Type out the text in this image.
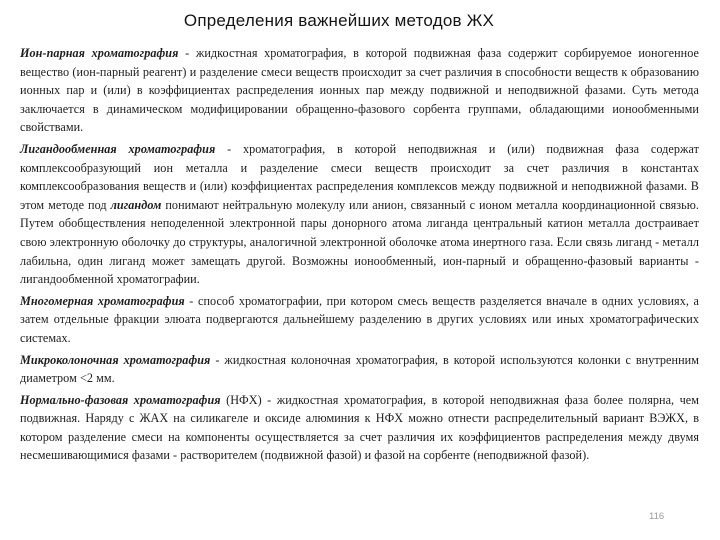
Определения важнейших методов ЖХ

Ион-парная хроматография - жидкостная хроматография, в которой подвижная фаза содержит сорбируемое ионогенное вещество (ион-парный реагент) и разделение смеси веществ происходит за счет различия в способности веществ к образованию ионных пар и (или) в коэффициентах распределения ионных пар между подвижной и неподвижной фазами. Суть метода заключается в динамическом модифицировании обращенно-фазового сорбента группами, обладающими ионообменными свойствами.

Лигандообменная хроматография - хроматография, в которой неподвижная и (или) подвижная фаза содержат комплексообразующий ион металла и разделение смеси веществ происходит за счет различия в константах комплексообразования веществ и (или) коэффициентах распределения комплексов между подвижной и неподвижной фазами. В этом методе под лигандом понимают нейтральную молекулу или анион, связанный с ионом металла координационной связью. Путем обобществления неподеленной электронной пары донорного атома лиганда центральный катион металла достраивает свою электронную оболочку до структуры, аналогичной электронной оболочке атома инертного газа. Если связь лиганд - металл лабильна, один лиганд может замещать другой. Возможны ионообменный, ион-парный и обращенно-фазовый варианты - лигандообменной хроматографии.

Многомерная хроматография - способ хроматографии, при котором смесь веществ разделяется вначале в одних условиях, а затем отдельные фракции элюата подвергаются дальнейшему разделению в других условиях или иных хроматографических системах.

Микроколоночная хроматография - жидкостная колоночная хроматография, в которой используются колонки с внутренним диаметром <2 мм.

Нормально-фазовая хроматография (НФХ) - жидкостная хроматография, в которой неподвижная фаза более полярна, чем подвижная. Наряду с ЖАХ на силикагеле и оксиде алюминия к НФХ можно отнести распределительный вариант ВЭЖХ, в котором разделение смеси на компоненты осуществляется за счет различия их коэффициентов распределения между двумя несмешивающимися фазами - растворителем (подвижной фазой) и фазой на сорбенте (неподвижной фазой).

116
